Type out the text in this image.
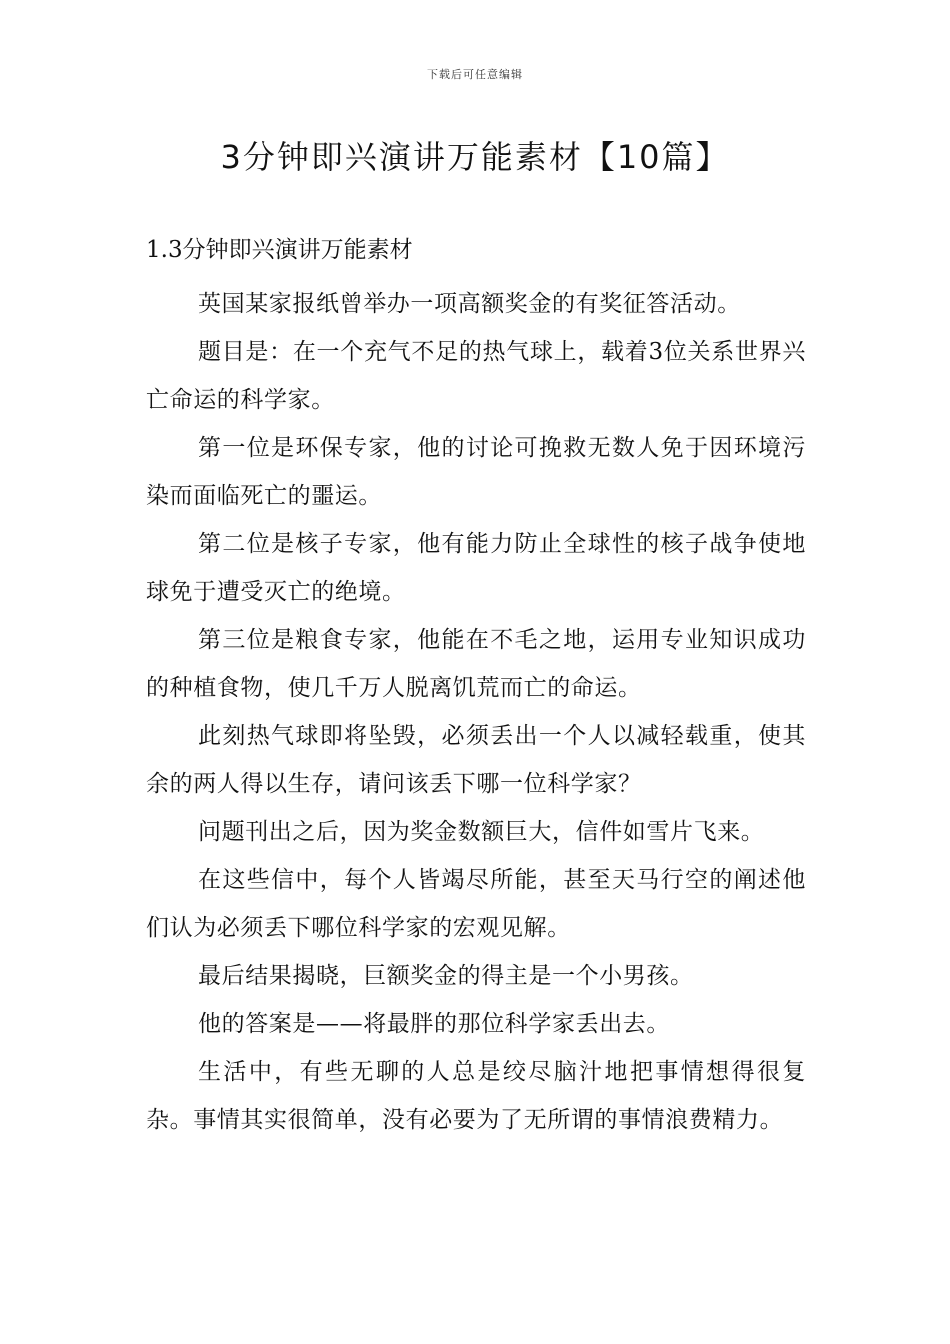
下载后可任意编辑
3分钟即兴演讲万能素材【10篇】
1.3分钟即兴演讲万能素材

英国某家报纸曾举办一项高额奖金的有奖征答活动。

题目是：在一个充气不足的热气球上，载着3位关系世界兴亡命运的科学家。

第一位是环保专家，他的讨论可挽救无数人免于因环境污染而面临死亡的噩运。

第二位是核子专家，他有能力防止全球性的核子战争使地球免于遭受灭亡的绝境。

第三位是粮食专家，他能在不毛之地，运用专业知识成功的种植食物，使几千万人脱离饥荒而亡的命运。

此刻热气球即将坠毁，必须丢出一个人以减轻载重，使其余的两人得以生存，请问该丢下哪一位科学家？

问题刊出之后，因为奖金数额巨大，信件如雪片飞来。

在这些信中，每个人皆竭尽所能，甚至天马行空的阐述他们认为必须丢下哪位科学家的宏观见解。

最后结果揭晓，巨额奖金的得主是一个小男孩。

他的答案是——将最胖的那位科学家丢出去。

生活中，有些无聊的人总是绞尽脑汁地把事情想得很复杂。事情其实很简单，没有必要为了无所谓的事情浪费精力。
